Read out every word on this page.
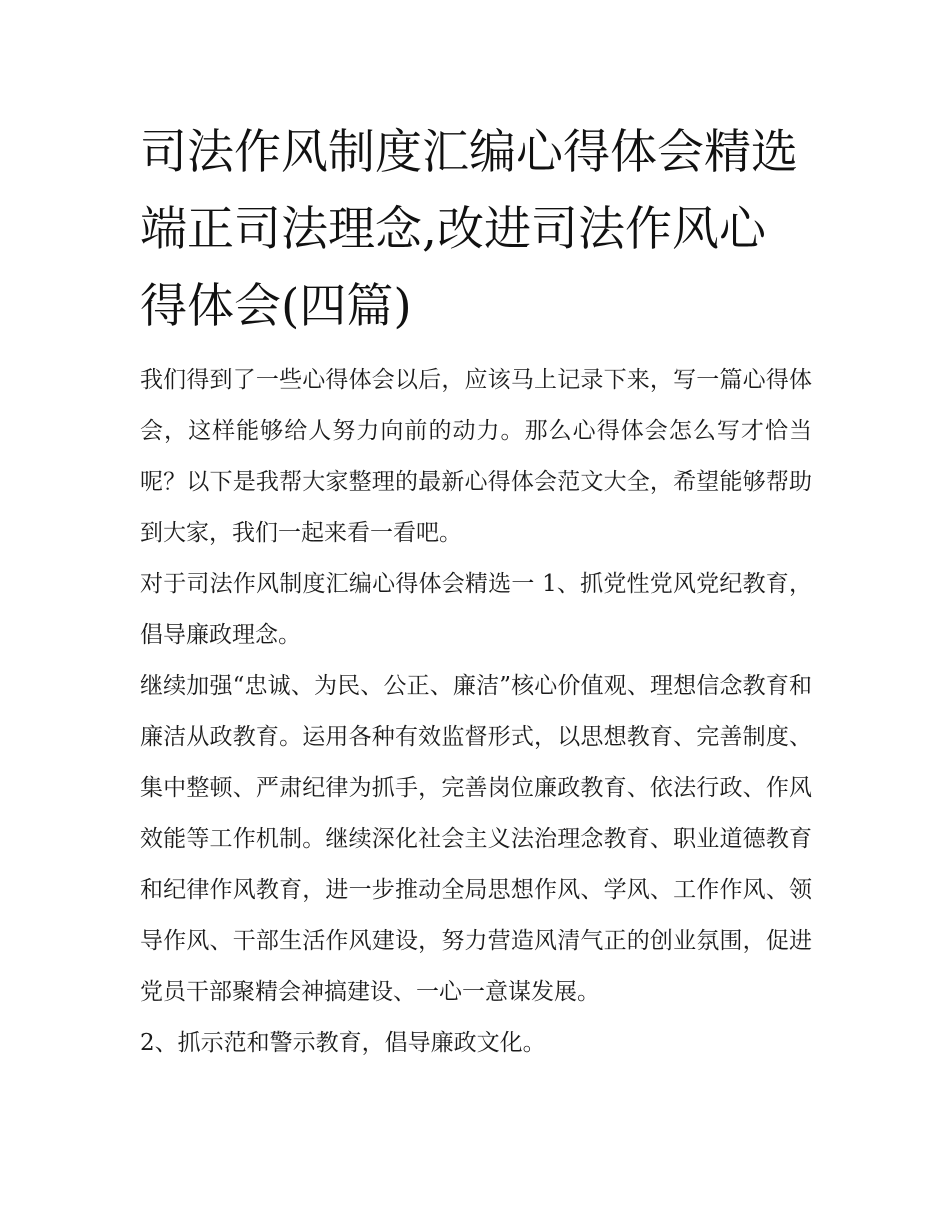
司法作风制度汇编心得体会精选 端正司法理念,改进司法作风心得体会(四篇)

我们得到了一些心得体会以后，应该马上记录下来，写一篇心得体会，这样能够给人努力向前的动力。那么心得体会怎么写才恰当呢？以下是我帮大家整理的最新心得体会范文大全，希望能够帮助到大家，我们一起来看一看吧。

对于司法作风制度汇编心得体会精选一 1、抓党性党风党纪教育，倡导廉政理念。

继续加强“忠诚、为民、公正、廉洁”核心价值观、理想信念教育和廉洁从政教育。运用各种有效监督形式，以思想教育、完善制度、集中整顿、严肃纪律为抓手，完善岗位廉政教育、依法行政、作风效能等工作机制。继续深化社会主义法治理念教育、职业道德教育和纪律作风教育，进一步推动全局思想作风、学风、工作作风、领导作风、干部生活作风建设，努力营造风清气正的创业氛围，促进党员干部聚精会神搞建设、一心一意谋发展。

2、抓示范和警示教育，倡导廉政文化。
